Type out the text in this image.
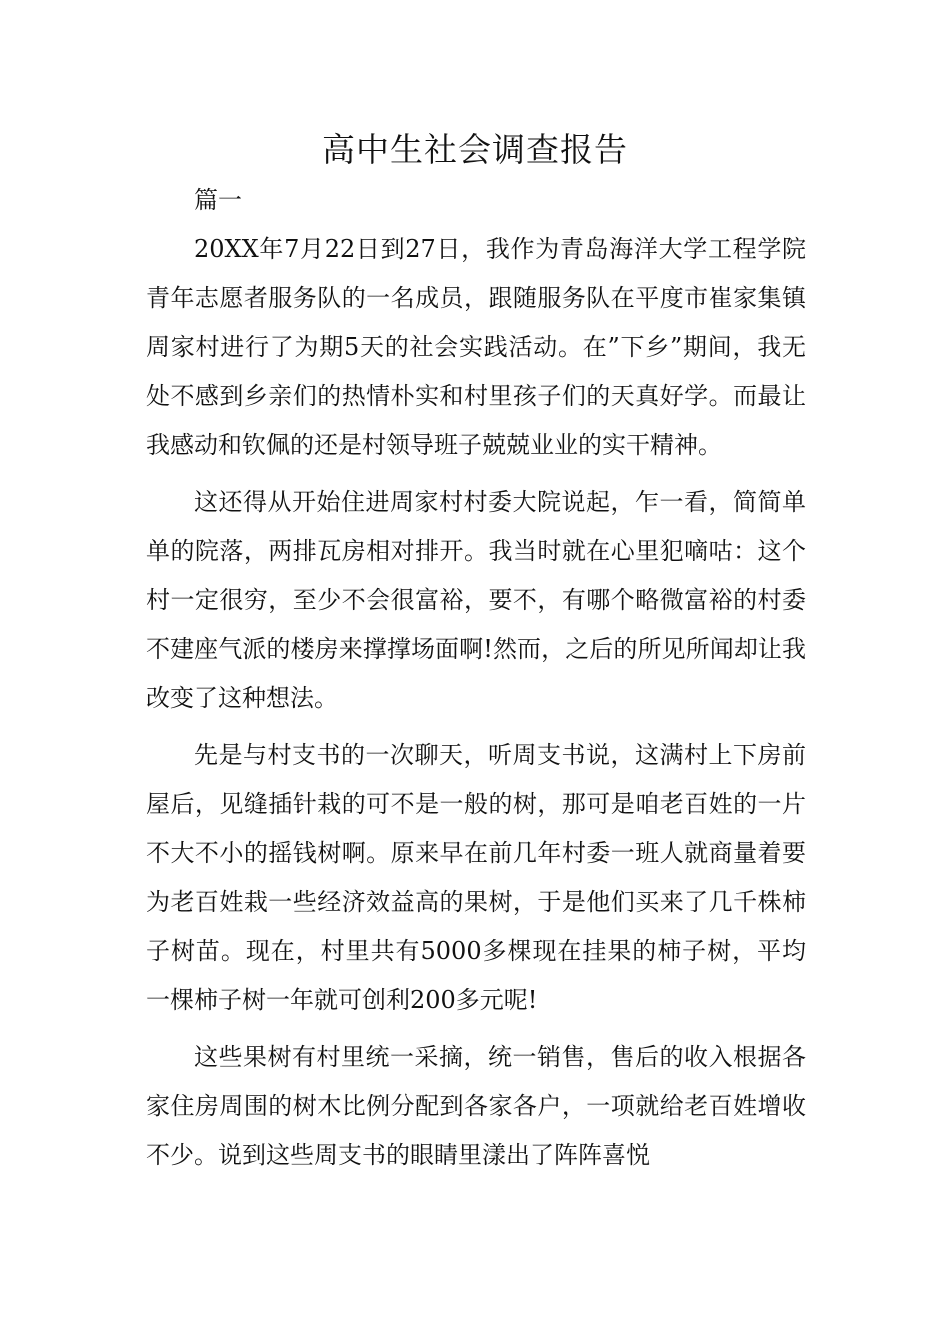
高中生社会调查报告

篇一

20XX年7月22日到27日，我作为青岛海洋大学工程学院青年志愿者服务队的一名成员，跟随服务队在平度市崔家集镇周家村进行了为期5天的社会实践活动。在”下乡”期间，我无处不感到乡亲们的热情朴实和村里孩子们的天真好学。而最让我感动和钦佩的还是村领导班子兢兢业业的实干精神。

这还得从开始住进周家村村委大院说起，乍一看，简简单单的院落，两排瓦房相对排开。我当时就在心里犯嘀咕：这个村一定很穷，至少不会很富裕，要不，有哪个略微富裕的村委不建座气派的楼房来撑撑场面啊!然而，之后的所见所闻却让我改变了这种想法。

先是与村支书的一次聊天，听周支书说，这满村上下房前屋后，见缝插针栽的可不是一般的树，那可是咱老百姓的一片不大不小的摇钱树啊。原来早在前几年村委一班人就商量着要为老百姓栽一些经济效益高的果树，于是他们买来了几千株柿子树苗。现在，村里共有5000多棵现在挂果的柿子树，平均一棵柿子树一年就可创利200多元呢!

这些果树有村里统一采摘，统一销售，售后的收入根据各家住房周围的树木比例分配到各家各户，一项就给老百姓增收不少。说到这些周支书的眼睛里漾出了阵阵喜悦
